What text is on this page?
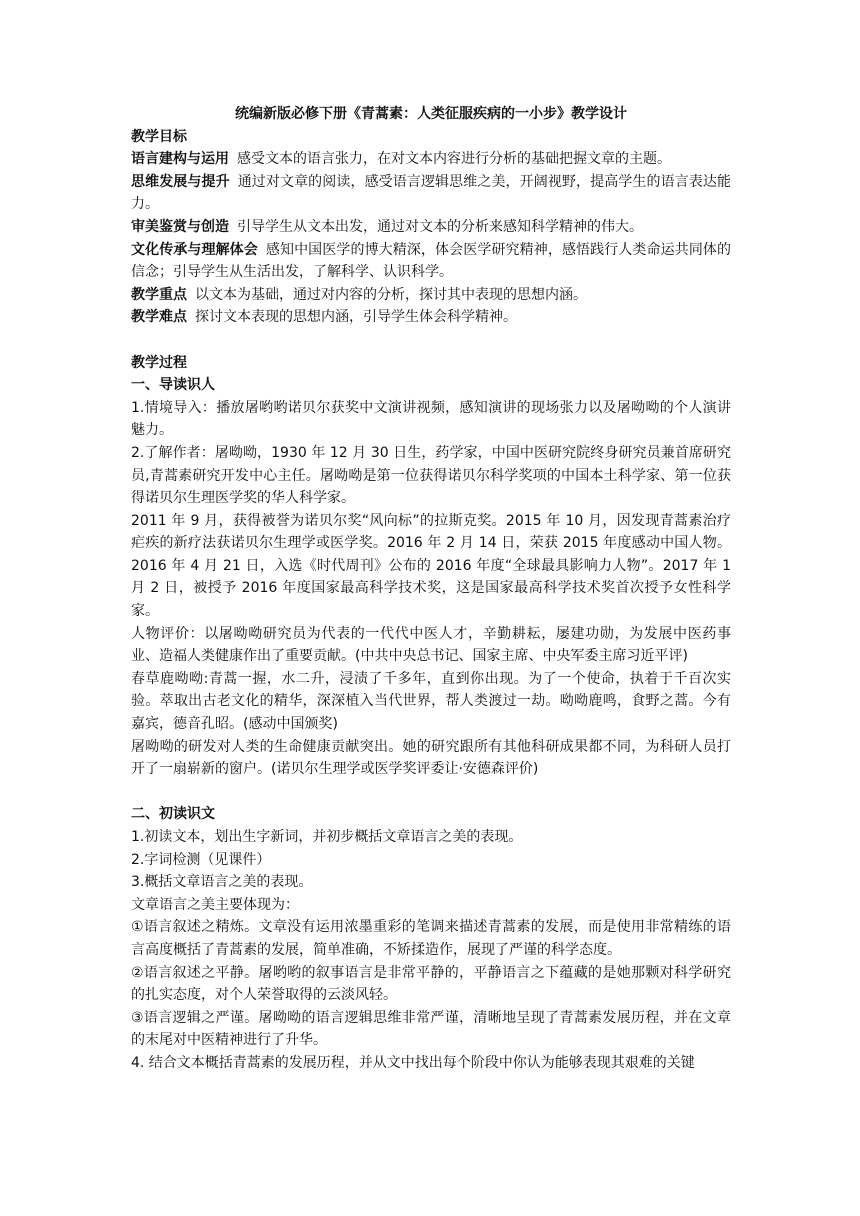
统编新版必修下册《青蒿素：人类征服疾病的一小步》教学设计

教学目标

语言建构与运用 感受文本的语言张力，在对文本内容进行分析的基础把握文章的主题。

思维发展与提升 通过对文章的阅读，感受语言逻辑思维之美，开阔视野，提高学生的语言表达能力。

审美鉴赏与创造 引导学生从文本出发，通过对文本的分析来感知科学精神的伟大。

文化传承与理解体会 感知中国医学的博大精深，体会医学研究精神，感悟践行人类命运共同体的信念；引导学生从生活出发，了解科学、认识科学。

教学重点 以文本为基础，通过对内容的分析，探讨其中表现的思想内涵。

教学难点 探讨文本表现的思想内涵，引导学生体会科学精神。

教学过程

一、导读识人

1.情境导入：播放屠哟哟诺贝尔获奖中文演讲视频，感知演讲的现场张力以及屠呦呦的个人演讲魅力。

2.了解作者：屠呦呦，1930 年 12 月 30 日生，药学家，中国中医研究院终身研究员兼首席研究员,青蒿素研究开发中心主任。屠呦呦是第一位获得诺贝尔科学奖项的中国本土科学家、第一位获得诺贝尔生理医学奖的华人科学家。

2011 年 9 月，获得被誉为诺贝尔奖“风向标”的拉斯克奖。2015 年 10 月，因发现青蒿素治疗疟疾的新疗法获诺贝尔生理学或医学奖。2016 年 2 月 14 日，荣获 2015 年度感动中国人物。2016 年 4 月 21 日，入选《时代周刊》公布的 2016 年度“全球最具影响力人物”。2017 年 1 月 2 日，被授予 2016 年度国家最高科学技术奖，这是国家最高科学技术奖首次授予女性科学家。

人物评价：以屠呦呦研究员为代表的一代代中医人才，辛勤耕耘，屡建功勋，为发展中医药事业、造福人类健康作出了重要贡献。(中共中央总书记、国家主席、中央军委主席习近平评)

春草鹿呦呦:青蒿一握，水二升，浸渍了千多年，直到你出现。为了一个使命，执着于千百次实验。萃取出古老文化的精华，深深植入当代世界，帮人类渡过一劫。呦呦鹿鸣，食野之蒿。今有嘉宾，德音孔昭。(感动中国颁奖)

屠呦呦的研发对人类的生命健康贡献突出。她的研究跟所有其他科研成果都不同，为科研人员打开了一扇崭新的窗户。(诺贝尔生理学或医学奖评委让·安德森评价)

二、初读识文

1.初读文本，划出生字新词，并初步概括文章语言之美的表现。

2.字词检测（见课件）

3.概括文章语言之美的表现。

文章语言之美主要体现为：

①语言叙述之精炼。文章没有运用浓墨重彩的笔调来描述青蒿素的发展，而是使用非常精练的语言高度概括了青蒿素的发展，简单准确，不矫揉造作，展现了严谨的科学态度。

②语言叙述之平静。屠哟哟的叙事语言是非常平静的，平静语言之下蕴藏的是她那颗对科学研究的扎实态度，对个人荣誉取得的云淡风轻。

③语言逻辑之严谨。屠呦呦的语言逻辑思维非常严谨，清晰地呈现了青蒿素发展历程，并在文章的末尾对中医精神进行了升华。

4. 结合文本概括青蒿素的发展历程，并从文中找出每个阶段中你认为能够表现其艰难的关键
